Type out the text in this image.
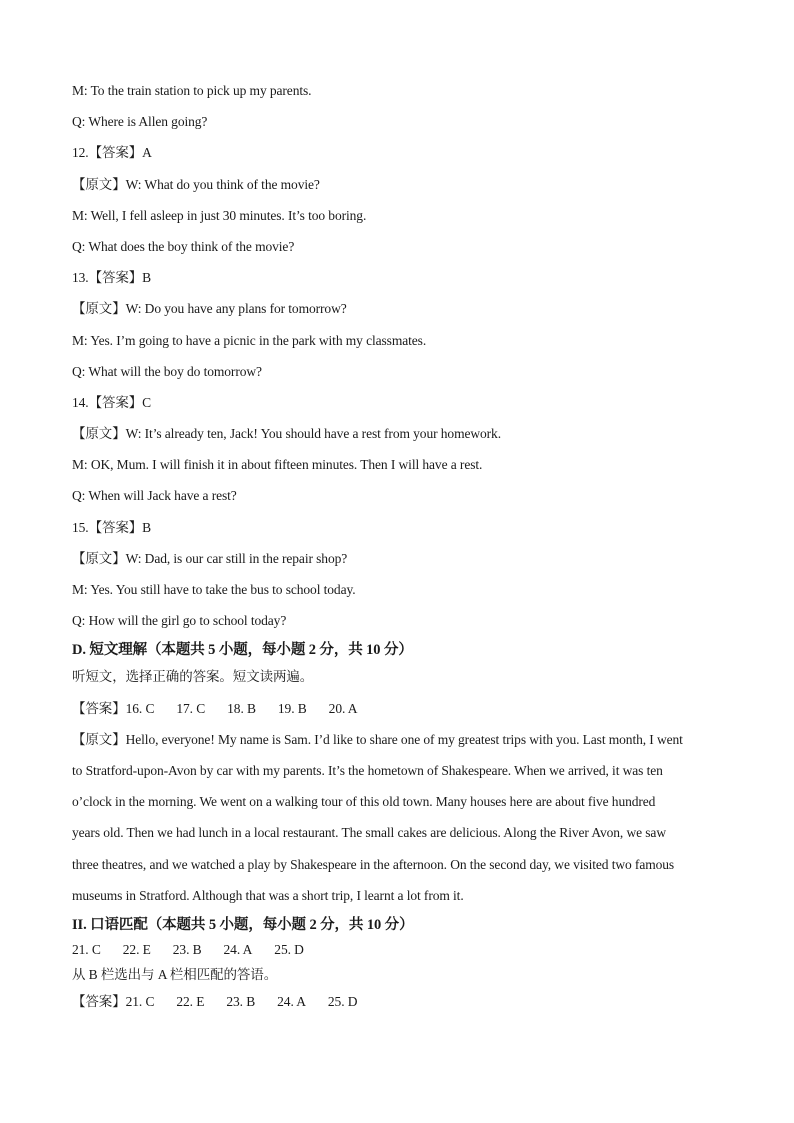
M: To the train station to pick up my parents.
Q: Where is Allen going?
12.【答案】A
【原文】W: What do you think of the movie?
M: Well, I fell asleep in just 30 minutes. It’s too boring.
Q: What does the boy think of the movie?
13.【答案】B
【原文】W: Do you have any plans for tomorrow?
M: Yes. I’m going to have a picnic in the park with my classmates.
Q: What will the boy do tomorrow?
14.【答案】C
【原文】W: It’s already ten, Jack! You should have a rest from your homework.
M: OK, Mum. I will finish it in about fifteen minutes. Then I will have a rest.
Q: When will Jack have a rest?
15.【答案】B
【原文】W: Dad, is our car still in the repair shop?
M: Yes. You still have to take the bus to school today.
Q: How will the girl go to school today?
D. 短文理解（本题共 5 小题，每小题 2 分，共 10 分）
听短文，选择正确的答案。短文读两遍。
【答案】16. C 17. C 18. B 19. B 20. A
【原文】Hello, everyone! My name is Sam. I’d like to share one of my greatest trips with you. Last month, I went
to Stratford-upon-Avon by car with my parents. It’s the hometown of Shakespeare. When we arrived, it was ten
o’clock in the morning. We went on a walking tour of this old town. Many houses here are about five hundred
years old. Then we had lunch in a local restaurant. The small cakes are delicious. Along the River Avon, we saw
three theatres, and we watched a play by Shakespeare in the afternoon. On the second day, we visited two famous
museums in Stratford. Although that was a short trip, I learnt a lot from it.
II. 口语匹配（本题共 5 小题，每小题 2 分，共 10 分）
21. C 22. E 23. B 24. A 25. D
从 B 栏选出与 A 栏相匹配的答语。
【答案】21. C 22. E 23. B 24. A 25. D
